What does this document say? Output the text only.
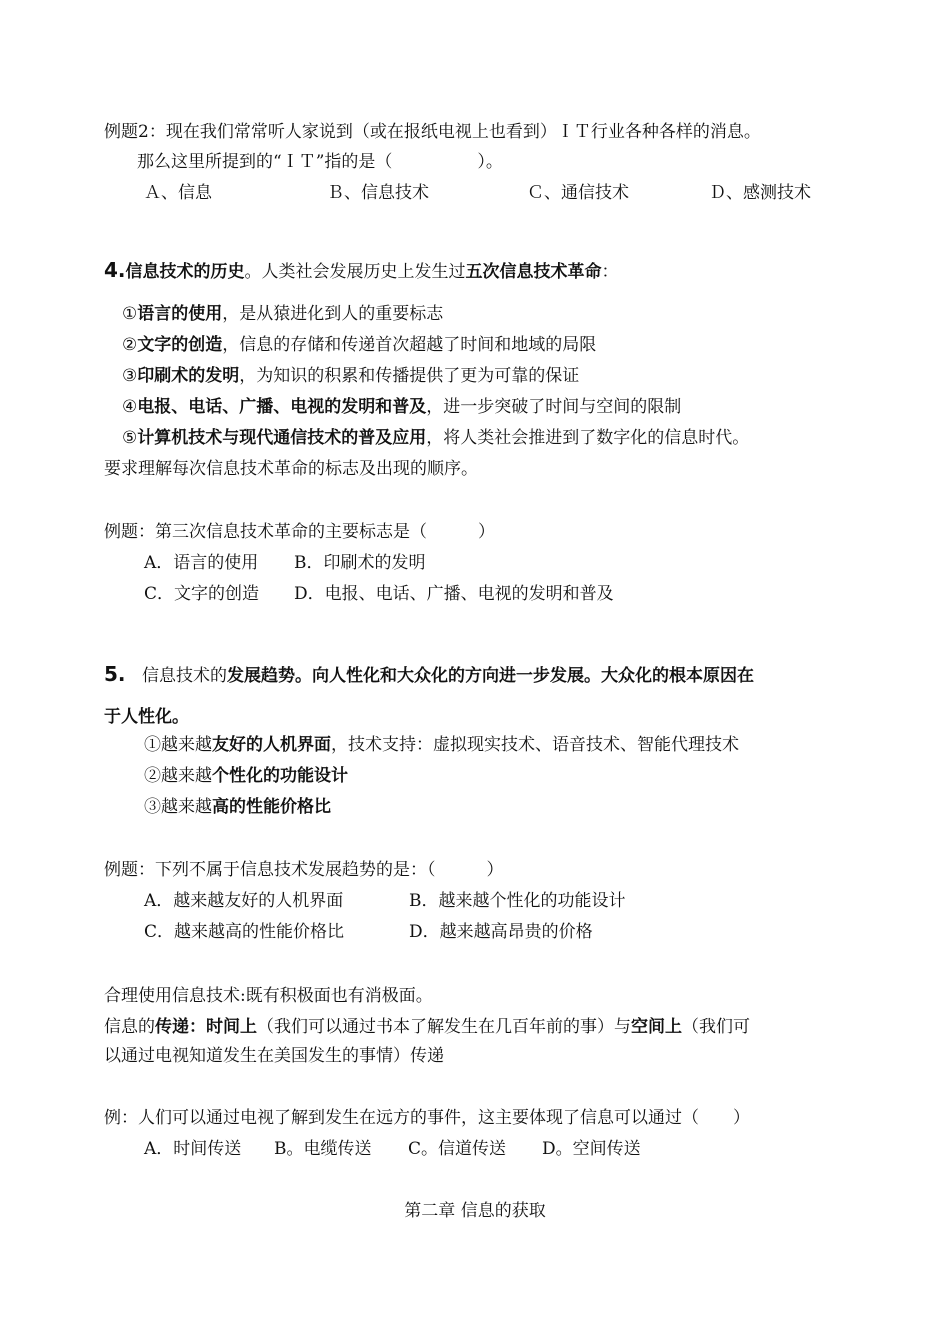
例题2：现在我们常常听人家说到（或在报纸电视上也看到）ＩＴ行业各种各样的消息。
那么这里所提到的“ＩＴ”指的是（　　　　　）。
Ａ、信息	Ｂ、信息技术	Ｃ、通信技术	Ｄ、感测技术
4.信息技术的历史。人类社会发展历史上发生过五次信息技术革命：
①语言的使用，是从猿进化到人的重要标志
②文字的创造，信息的存储和传递首次超越了时间和地域的局限
③印刷术的发明，为知识的积累和传播提供了更为可靠的保证
④电报、电话、广播、电视的发明和普及，进一步突破了时间与空间的限制
⑤计算机技术与现代通信技术的普及应用，将人类社会推进到了数字化的信息时代。
要求理解每次信息技术革命的标志及出现的顺序。
例题：第三次信息技术革命的主要标志是（　　　）
A．语言的使用 B．印刷术的发明
C．文字的创造 D．电报、电话、广播、电视的发明和普及
5. 信息技术的发展趋势。向人性化和大众化的方向进一步发展。大众化的根本原因在
于人性化。
①越来越友好的人机界面，技术支持：虚拟现实技术、语音技术、智能代理技术
②越来越个性化的功能设计
③越来越高的性能价格比
例题：下列不属于信息技术发展趋势的是：（　　　）
A．越来越友好的人机界面	B．越来越个性化的功能设计
C．越来越高的性能价格比	D．越来越高昂贵的价格
合理使用信息技术:既有积极面也有消极面。
信息的传递：时间上（我们可以通过书本了解发生在几百年前的事）与空间上（我们可
以通过电视知道发生在美国发生的事情）传递
例：人们可以通过电视了解到发生在远方的事件，这主要体现了信息可以通过（　　）
A．时间传送 B。电缆传送 C。信道传送 D。空间传送
第二章 信息的获取
